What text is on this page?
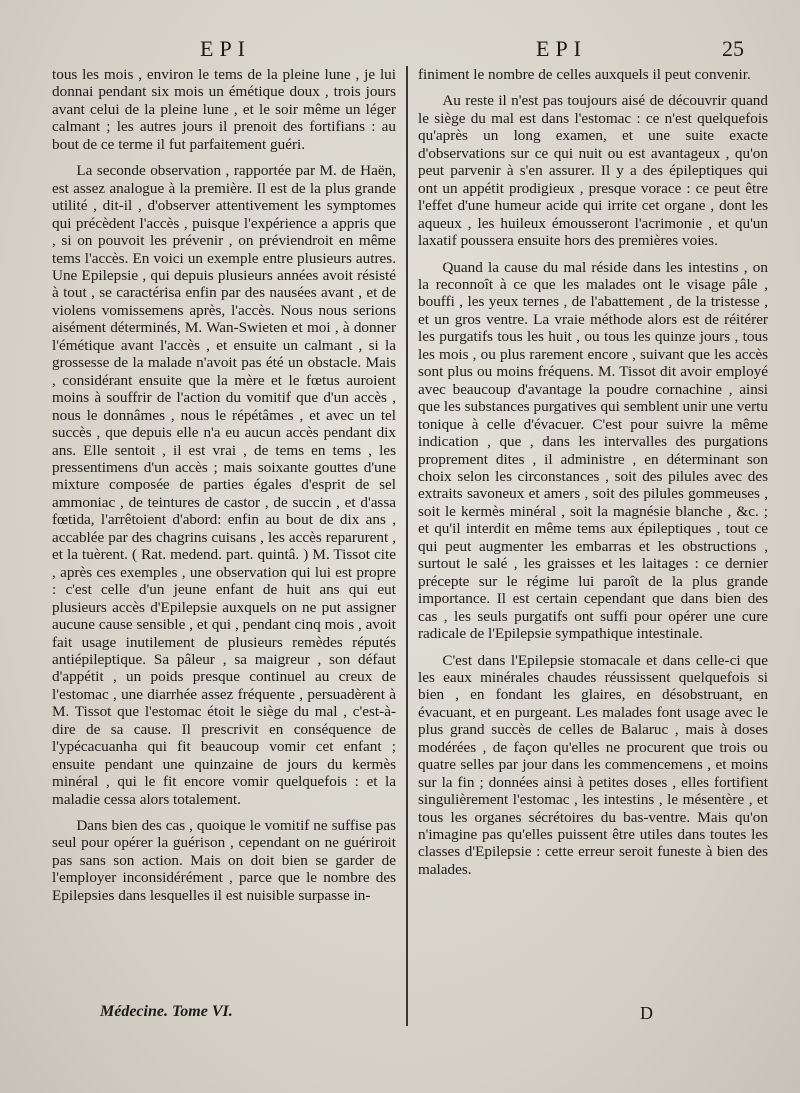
EPI	EPI	25

tous les mois , environ le tems de la pleine lune , je lui donnai pendant six mois un émétique doux , trois jours avant celui de la pleine lune , et le soir même un léger calmant ; les autres jours il prenoit des fortifians : au bout de ce terme il fut parfaitement guéri.

La seconde observation , rapportée par M. de Haën, est assez analogue à la première. Il est de la plus grande utilité , dit-il , d'observer attentivement les symptomes qui précèdent l'accès , puisque l'expérience a appris que , si on pouvoit les prévenir , on préviendroit en même tems l'accès. En voici un exemple entre plusieurs autres. Une Epilepsie , qui depuis plusieurs années avoit résisté à tout , se caractérisa enfin par des nausées avant , et de violens vomissemens après, l'accès. Nous nous serions aisément déterminés, M. Wan-Swieten et moi , à donner l'émétique avant l'accès , et ensuite un calmant , si la grossesse de la malade n'avoit pas été un obstacle. Mais , considérant ensuite que la mère et le fœtus auroient moins à souffrir de l'action du vomitif que d'un accès , nous le donnâmes , nous le répétâmes , et avec un tel succès , que depuis elle n'a eu aucun accès pendant dix ans. Elle sentoit , il est vrai , de tems en tems , les pressentimens d'un accès ; mais soixante gouttes d'une mixture composée de parties égales d'esprit de sel ammoniac , de teintures de castor , de succin , et d'assa fœtida, l'arrêtoient d'abord: enfin au bout de dix ans , accablée par des chagrins cuisans , les accès reparurent , et la tuèrent. ( Rat. medend. part. quintâ. ) M. Tissot cite , après ces exemples , une observation qui lui est propre : c'est celle d'un jeune enfant de huit ans qui eut plusieurs accès d'Epilepsie auxquels on ne put assigner aucune cause sensible , et qui , pendant cinq mois , avoit fait usage inutilement de plusieurs remèdes réputés antiépileptique. Sa pâleur , sa maigreur , son défaut d'appétit , un poids presque continuel au creux de l'estomac , une diarrhée assez fréquente , persuadèrent à M. Tissot que l'estomac étoit le siège du mal , c'est-à-dire de sa cause. Il prescrivit en conséquence de l'ypécacuanha qui fit beaucoup vomir cet enfant ; ensuite pendant une quinzaine de jours du kermès minéral , qui le fit encore vomir quelquefois : et la maladie cessa alors totalement.

Dans bien des cas , quoique le vomitif ne suffise pas seul pour opérer la guérison , cependant on ne guériroit pas sans son action. Mais on doit bien se garder de l'employer inconsidérément , parce que le nombre des Epilepsies dans lesquelles il est nuisible surpasse in-

finiment le nombre de celles auxquels il peut convenir.

Au reste il n'est pas toujours aisé de découvrir quand le siège du mal est dans l'estomac : ce n'est quelquefois qu'après un long examen, et une suite exacte d'observations sur ce qui nuit ou est avantageux , qu'on peut parvenir à s'en assurer. Il y a des épileptiques qui ont un appétit prodigieux , presque vorace : ce peut être l'effet d'une humeur acide qui irrite cet organe , dont les aqueux , les huileux émousseront l'acrimonie , et qu'un laxatif poussera ensuite hors des premières voies.

Quand la cause du mal réside dans les intestins , on la reconnoît à ce que les malades ont le visage pâle , bouffi , les yeux ternes , de l'abattement , de la tristesse , et un gros ventre. La vraie méthode alors est de réitérer les purgatifs tous les huit , ou tous les quinze jours , tous les mois , ou plus rarement encore , suivant que les accès sont plus ou moins fréquens. M. Tissot dit avoir employé avec beaucoup d'avantage la poudre cornachine , ainsi que les substances purgatives qui semblent unir une vertu tonique à celle d'évacuer. C'est pour suivre la même indication , que , dans les intervalles des purgations proprement dites , il administre , en déterminant son choix selon les circonstances , soit des pilules avec des extraits savoneux et amers , soit des pilules gommeuses , soit le kermès minéral , soit la magnésie blanche , &c. ; et qu'il interdit en même tems aux épileptiques , tout ce qui peut augmenter les embarras et les obstructions , surtout le salé , les graisses et les laitages : ce dernier précepte sur le régime lui paroît de la plus grande importance. Il est certain cependant que dans bien des cas , les seuls purgatifs ont suffi pour opérer une cure radicale de l'Epilepsie sympathique intestinale.

C'est dans l'Epilepsie stomacale et dans celle-ci que les eaux minérales chaudes réussissent quelquefois si bien , en fondant les glaires, en désobstruant, en évacuant, et en purgeant. Les malades font usage avec le plus grand succès de celles de Balaruc , mais à doses modérées , de façon qu'elles ne procurent que trois ou quatre selles par jour dans les commencemens , et moins sur la fin ; données ainsi à petites doses , elles fortifient singulièrement l'estomac , les intestins , le mésentère , et tous les organes sécrétoires du bas-ventre. Mais qu'on n'imagine pas qu'elles puissent être utiles dans toutes les classes d'Epilepsie : cette erreur seroit funeste à bien des malades.

Médecine. Tome VI.	D
